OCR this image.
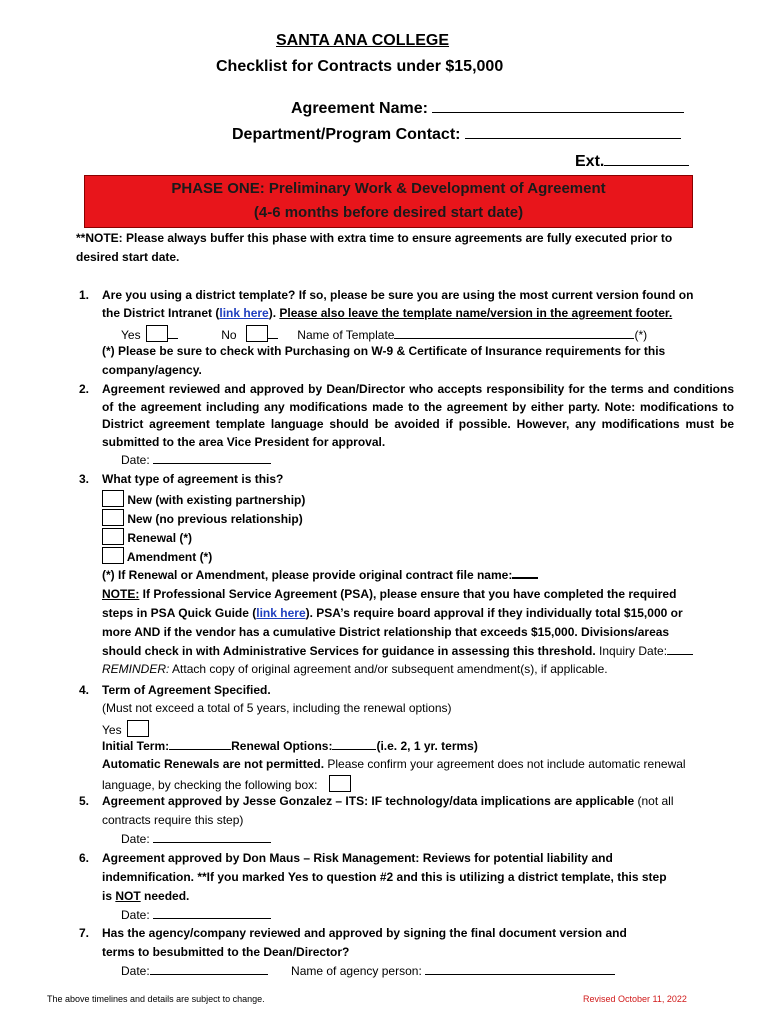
SANTA ANA COLLEGE
Checklist for Contracts under $15,000
Agreement Name:
Department/Program Contact:
Ext.
PHASE ONE: Preliminary Work & Development of Agreement
(4-6 months before desired start date)
**NOTE: Please always buffer this phase with extra time to ensure agreements are fully executed prior to
desired start date.
1. Are you using a district template? If so, please be sure you are using the most current version found on
the District Intranet (link here). Please also leave the template name/version in the agreement footer.
Yes	No	Name of Template	(*)
(*) Please be sure to check with Purchasing on W-9 & Certificate of Insurance requirements for this
company/agency.
2. Agreement reviewed and approved by Dean/Director who accepts responsibility for the terms and conditions
of the agreement including any modifications made to the agreement by either party. Note: modifications to
District agreement template language should be avoided if possible. However, any modifications must be
submitted to the area Vice President for approval.
Date:
3. What type of agreement is this?
New (with existing partnership)
New (no previous relationship)
Renewal (*)
Amendment (*)
(*) If Renewal or Amendment, please provide original contract file name:
NOTE: If Professional Service Agreement (PSA), please ensure that you have completed the required
steps in PSA Quick Guide (link here). PSA’s require board approval if they individually total $15,000 or
more AND if the vendor has a cumulative District relationship that exceeds $15,000. Divisions/areas
should check in with Administrative Services for guidance in assessing this threshold. Inquiry Date:
REMINDER: Attach copy of original agreement and/or subsequent amendment(s), if applicable.
4. Term of Agreement Specified.
(Must not exceed a total of 5 years, including the renewal options)
Yes
Initial Term:	Renewal Options:	(i.e. 2, 1 yr. terms)
Automatic Renewals are not permitted. Please confirm your agreement does not include automatic renewal
language, by checking the following box:
5. Agreement approved by Jesse Gonzalez – ITS: IF technology/data implications are applicable (not all
contracts require this step)
Date:
6. Agreement approved by Don Maus – Risk Management: Reviews for potential liability and
indemnification. **If you marked Yes to question #2 and this is utilizing a district template, this step
is NOT needed.
Date:
7. Has the agency/company reviewed and approved by signing the final document version and
terms to besubmitted to the Dean/Director?
Date:	Name of agency person:
The above timelines and details are subject to change.	Revised October 11, 2022
